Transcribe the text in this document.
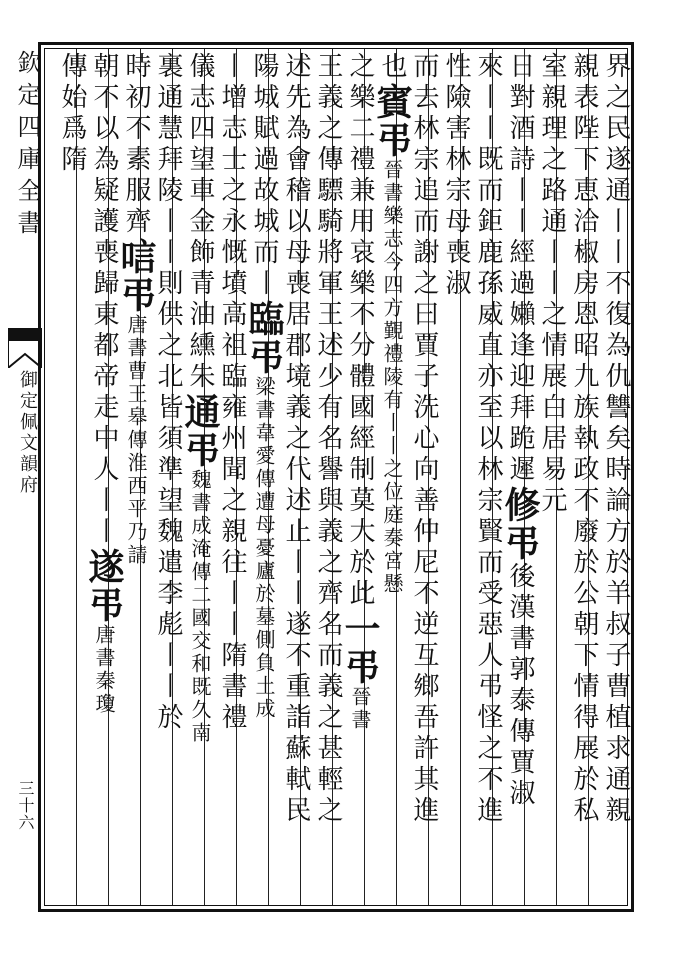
欽定四庫全書
御定佩文韻府
三十六	界之民遂通丨丨不復為仇讐矣時論方於羊叔子曹植求通親
親表陛下恵洽椒房恩昭九族執政不廢於公朝下情得展於私
室親理之路通丨丨之情展白居易元
日對酒詩丨丨經過嬾逢迎拜跪遲修弔後漢書郭泰傳賈淑
來丨丨既而鉅鹿孫威直亦至以林宗賢而受惡人弔怪之不進
性險害林宗母喪淑
而去林宗追而謝之曰賈子洗心向善仲尼不逆互鄉吾許其進
也賓弔晉書樂志今四方覲禮陵有丨丨之位庭奏宮懸
之樂二禮兼用哀樂不分體國經制莫大於此一弔晉書
王義之傳驃騎將軍王述少有名譽與義之齊名而義之甚輕之
述先為會稽以母喪居郡境義之代述止丨丨遂不重詣蘇軾民
陽城賦過故城而丨臨弔梁書韋愛傳遭母憂廬於墓側負土成
丨增志士之永慨墳高祖臨雍州聞之親往丨丨隋書禮
儀志四望車金飾青油纁朱通弔魏書成淹傳二國交和既久南
裏通慧拜陵丨丨則供之北皆須準望魏遣李彪丨丨於
時初不素服齊唁弔唐書曹王皋傳淮西平乃請
朝不以為疑護喪歸東都帝走中人丨丨遂弔唐書秦瓊
傳始爲隋
